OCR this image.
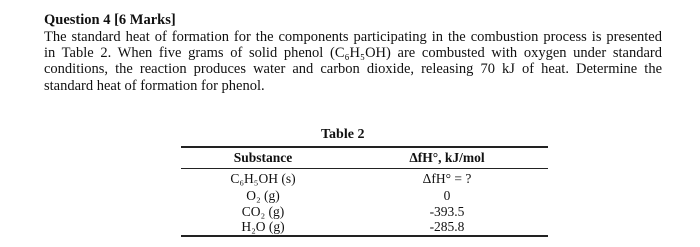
Question 4 [6 Marks]
The standard heat of formation for the components participating in the combustion process is presented
in Table 2. When five grams of solid phenol (C₆H₅OH) are combusted with oxygen under standard
conditions, the reaction produces water and carbon dioxide, releasing 70 kJ of heat. Determine the
standard heat of formation for phenol.
Table 2
Substance	ΔfH°, kJ/mol
C₆H₅OH (s)	ΔfH° = ?
O₂ (g)	0
CO₂ (g)	-393.5
H₂O (g)	-285.8
